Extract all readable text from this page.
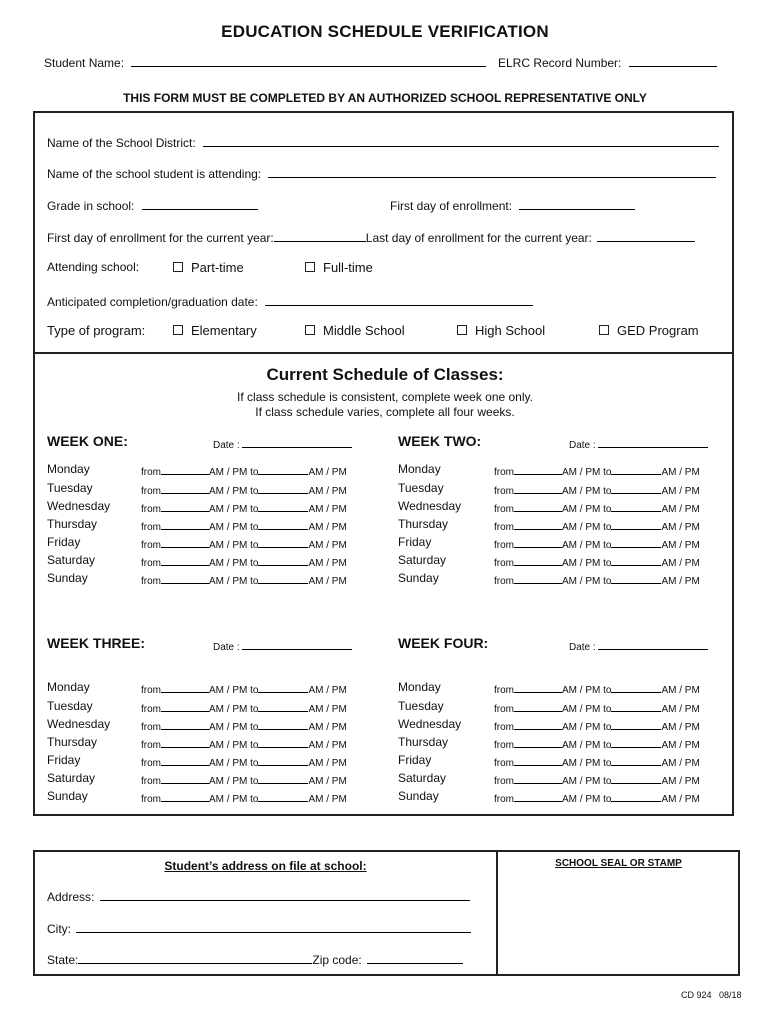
EDUCATION SCHEDULE VERIFICATION
Student Name:	ELRC Record Number:
THIS FORM MUST BE COMPLETED BY AN AUTHORIZED SCHOOL REPRESENTATIVE ONLY
Name of the School District:
Name of the school student is attending:
Grade in school:	First day of enrollment:
First day of enrollment for the current year:	Last day of enrollment for the current year:
Attending school:	Part-time	Full-time
Anticipated completion/graduation date:
Type of program:	Elementary	Middle School	High School	GED Program
Current Schedule of Classes:
If class schedule is consistent, complete week one only.
If class schedule varies, complete all four weeks.
WEEK ONE:	Date :
Monday	from	AM / PM to	AM / PM
Tuesday	from	AM / PM to	AM / PM
Wednesday	from	AM / PM to	AM / PM
Thursday	from	AM / PM to	AM / PM
Friday	from	AM / PM to	AM / PM
Saturday	from	AM / PM to	AM / PM
Sunday	from	AM / PM to	AM / PM
WEEK TWO:	Date :
Monday	from	AM / PM to	AM / PM
Tuesday	from	AM / PM to	AM / PM
Wednesday	from	AM / PM to	AM / PM
Thursday	from	AM / PM to	AM / PM
Friday	from	AM / PM to	AM / PM
Saturday	from	AM / PM to	AM / PM
Sunday	from	AM / PM to	AM / PM
WEEK THREE:	Date :
Monday	from	AM / PM to	AM / PM
Tuesday	from	AM / PM to	AM / PM
Wednesday	from	AM / PM to	AM / PM
Thursday	from	AM / PM to	AM / PM
Friday	from	AM / PM to	AM / PM
Saturday	from	AM / PM to	AM / PM
Sunday	from	AM / PM to	AM / PM
WEEK FOUR:	Date :
Monday	from	AM / PM to	AM / PM
Tuesday	from	AM / PM to	AM / PM
Wednesday	from	AM / PM to	AM / PM
Thursday	from	AM / PM to	AM / PM
Friday	from	AM / PM to	AM / PM
Saturday	from	AM / PM to	AM / PM
Sunday	from	AM / PM to	AM / PM
Student’s address on file at school:	SCHOOL SEAL OR STAMP
Address:
City:
State:	Zip code:
CD 924   08/18
